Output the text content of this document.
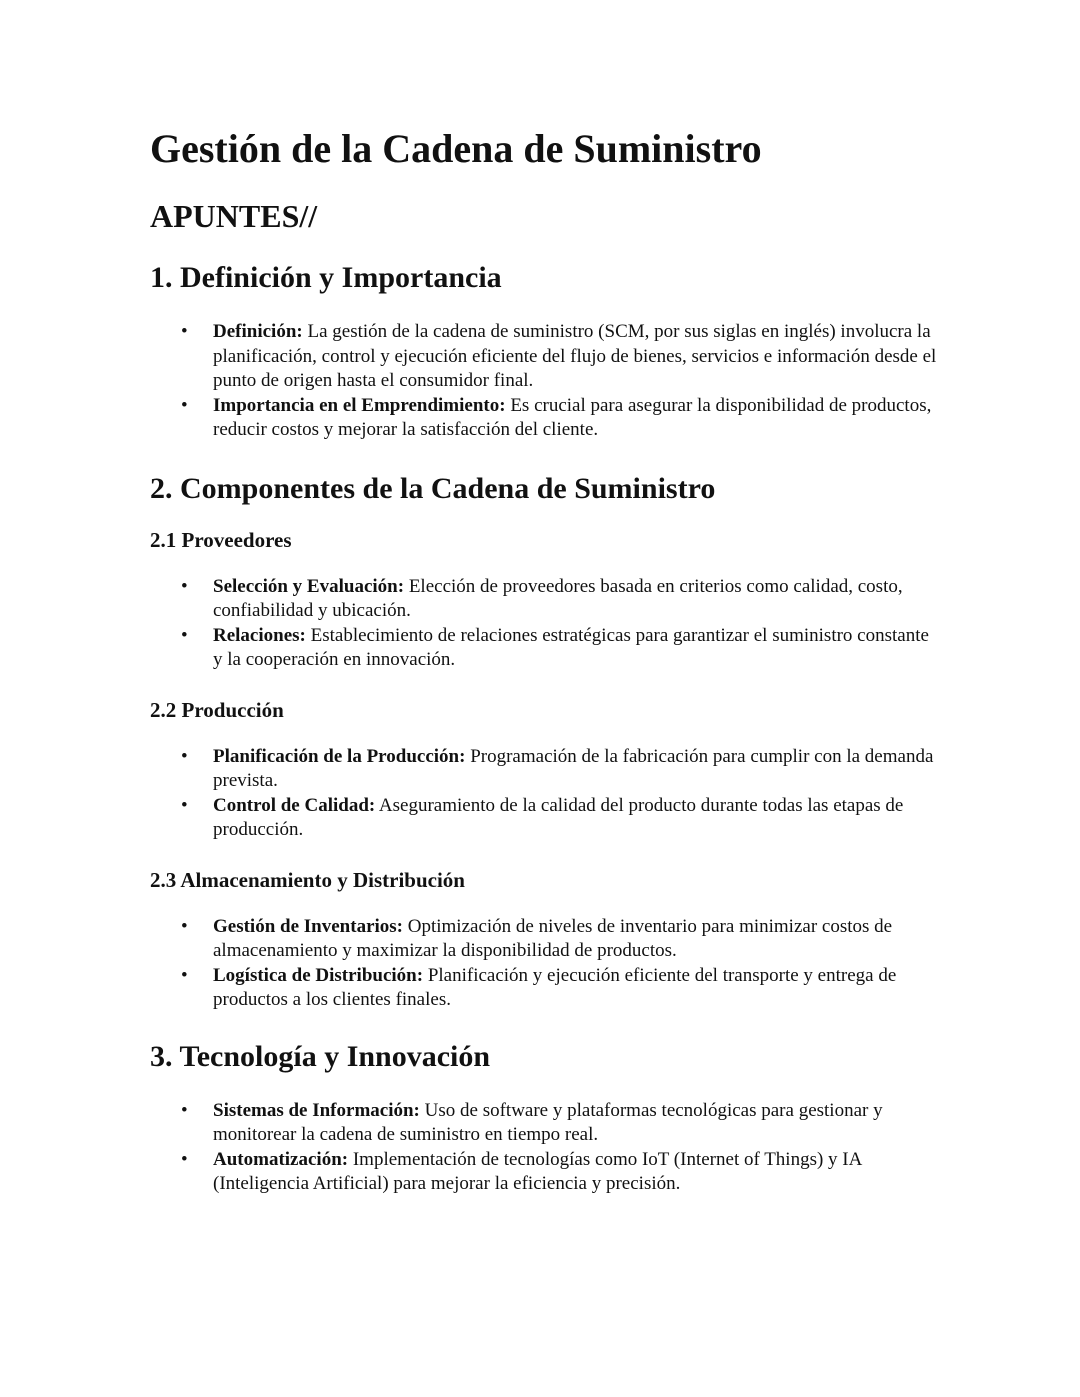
Gestión de la Cadena de Suministro
APUNTES//
1. Definición y Importancia
• Definición: La gestión de la cadena de suministro (SCM, por sus siglas en inglés) involucra la planificación, control y ejecución eficiente del flujo de bienes, servicios e información desde el punto de origen hasta el consumidor final.
• Importancia en el Emprendimiento: Es crucial para asegurar la disponibilidad de productos, reducir costos y mejorar la satisfacción del cliente.
2. Componentes de la Cadena de Suministro
2.1 Proveedores
• Selección y Evaluación: Elección de proveedores basada en criterios como calidad, costo, confiabilidad y ubicación.
• Relaciones: Establecimiento de relaciones estratégicas para garantizar el suministro constante y la cooperación en innovación.
2.2 Producción
• Planificación de la Producción: Programación de la fabricación para cumplir con la demanda prevista.
• Control de Calidad: Aseguramiento de la calidad del producto durante todas las etapas de producción.
2.3 Almacenamiento y Distribución
• Gestión de Inventarios: Optimización de niveles de inventario para minimizar costos de almacenamiento y maximizar la disponibilidad de productos.
• Logística de Distribución: Planificación y ejecución eficiente del transporte y entrega de productos a los clientes finales.
3. Tecnología y Innovación
• Sistemas de Información: Uso de software y plataformas tecnológicas para gestionar y monitorear la cadena de suministro en tiempo real.
• Automatización: Implementación de tecnologías como IoT (Internet of Things) y IA (Inteligencia Artificial) para mejorar la eficiencia y precisión.
